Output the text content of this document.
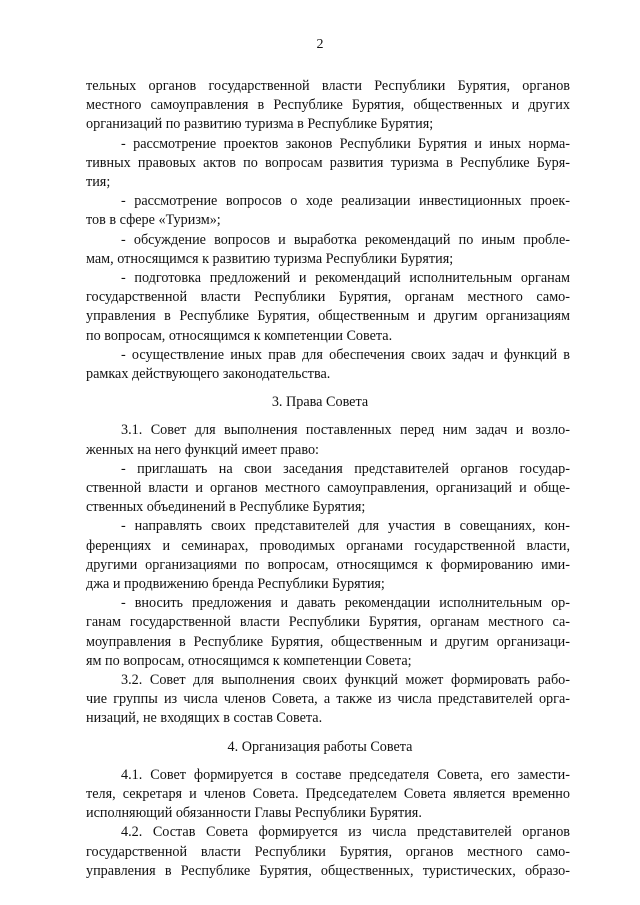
2
тельных органов государственной власти Республики Бурятия, органов
местного самоуправления в Республике Бурятия, общественных и других
организаций по развитию туризма в Республике Бурятия;
- рассмотрение проектов законов Республики Бурятия и иных норма-
тивных правовых актов по вопросам развития туризма в Республике Буря-
тия;
- рассмотрение вопросов о ходе реализации инвестиционных проек-
тов в сфере «Туризм»;
- обсуждение вопросов и выработка рекомендаций по иным пробле-
мам, относящимся к развитию туризма Республики Бурятия;
- подготовка предложений и рекомендаций исполнительным органам
государственной власти Республики Бурятия, органам местного само-
управления в Республике Бурятия, общественным и другим организациям
по вопросам, относящимся к компетенции Совета.
- осуществление иных прав для обеспечения своих задач и функций в
рамках действующего законодательства.
3. Права Совета
3.1. Совет для выполнения поставленных перед ним задач и возло-
женных на него функций имеет право:
- приглашать на свои заседания представителей органов государ-
ственной власти и органов местного самоуправления, организаций и обще-
ственных объединений в Республике Бурятия;
- направлять своих представителей для участия в совещаниях, кон-
ференциях и семинарах, проводимых органами государственной власти,
другими организациями по вопросам, относящимся к формированию ими-
джа и продвижению бренда Республики Бурятия;
- вносить предложения и давать рекомендации исполнительным ор-
ганам государственной власти Республики Бурятия, органам местного са-
моуправления в Республике Бурятия, общественным и другим организаци-
ям по вопросам, относящимся к компетенции Совета;
3.2. Совет для выполнения своих функций может формировать рабо-
чие группы из числа членов Совета, а также из числа представителей орга-
низаций, не входящих в состав Совета.
4. Организация работы Совета
4.1. Совет формируется в составе председателя Совета, его замести-
теля, секретаря и членов Совета. Председателем Совета является временно
исполняющий обязанности Главы Республики Бурятия.
4.2. Состав Совета формируется из числа представителей органов
государственной власти Республики Бурятия, органов местного само-
управления в Республике Бурятия, общественных, туристических, образо-
